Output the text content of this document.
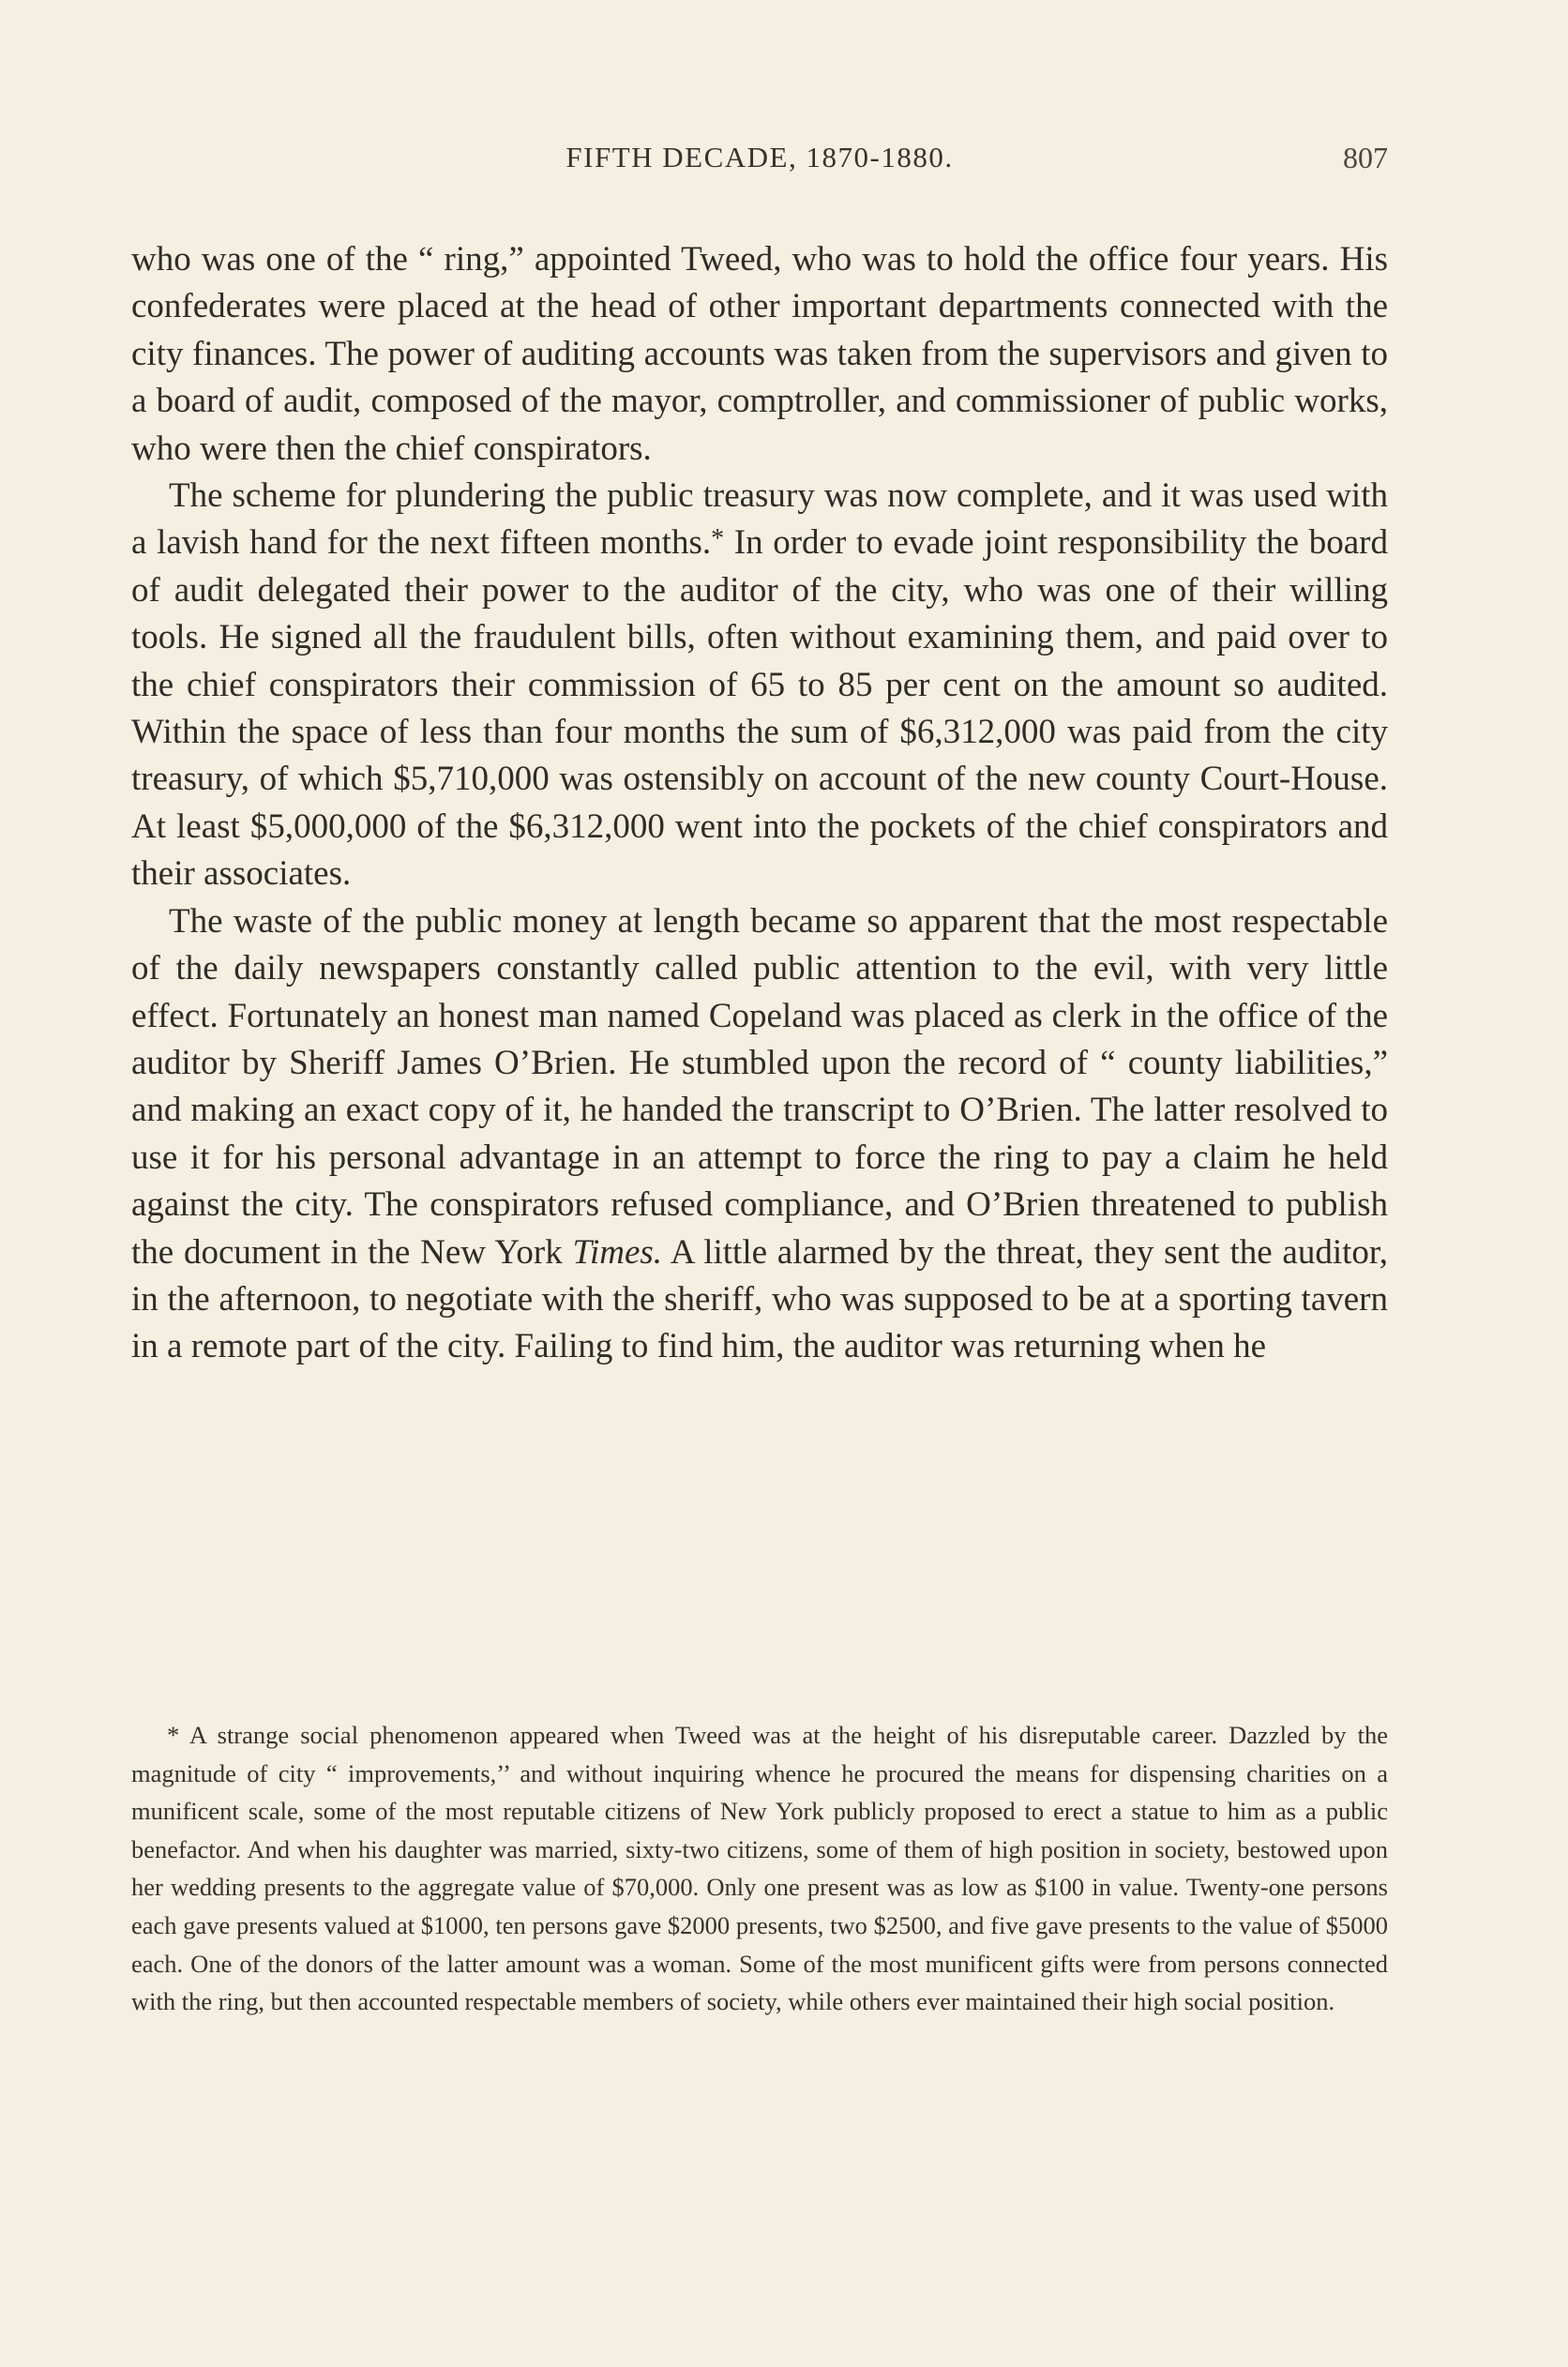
FIFTH DECADE, 1870-1880.	807

who was one of the “ ring,” appointed Tweed, who was to hold the office four years. His confederates were placed at the head of other important departments connected with the city finances. The power of auditing accounts was taken from the supervisors and given to a board of audit, composed of the mayor, comptroller, and commissioner of public works, who were then the chief conspirators.

The scheme for plundering the public treasury was now complete, and it was used with a lavish hand for the next fifteen months.* In order to evade joint responsibility the board of audit delegated their power to the auditor of the city, who was one of their willing tools. He signed all the fraudulent bills, often without examining them, and paid over to the chief conspirators their commission of 65 to 85 per cent on the amount so audited. Within the space of less than four months the sum of $6,312,000 was paid from the city treasury, of which $5,710,000 was ostensibly on account of the new county Court-House. At least $5,000,000 of the $6,312,000 went into the pockets of the chief conspirators and their associates.

The waste of the public money at length became so apparent that the most respectable of the daily newspapers constantly called public attention to the evil, with very little effect. Fortunately an honest man named Copeland was placed as clerk in the office of the auditor by Sheriff James O’Brien. He stumbled upon the record of “ county liabilities,” and making an exact copy of it, he handed the transcript to O’Brien. The latter resolved to use it for his personal advantage in an attempt to force the ring to pay a claim he held against the city. The conspirators refused compliance, and O’Brien threatened to publish the document in the New York Times. A little alarmed by the threat, they sent the auditor, in the afternoon, to negotiate with the sheriff, who was supposed to be at a sporting tavern in a remote part of the city. Failing to find him, the auditor was returning when he

* A strange social phenomenon appeared when Tweed was at the height of his disreputable career. Dazzled by the magnitude of city “ improvements,’’ and without inquiring whence he procured the means for dispensing charities on a munificent scale, some of the most reputable citizens of New York publicly proposed to erect a statue to him as a public benefactor. And when his daughter was married, sixty-two citizens, some of them of high position in society, bestowed upon her wedding presents to the aggregate value of $70,000. Only one present was as low as $100 in value. Twenty-one persons each gave presents valued at $1000, ten persons gave $2000 presents, two $2500, and five gave presents to the value of $5000 each. One of the donors of the latter amount was a woman. Some of the most munificent gifts were from persons connected with the ring, but then accounted respectable members of society, while others ever maintained their high social position.
